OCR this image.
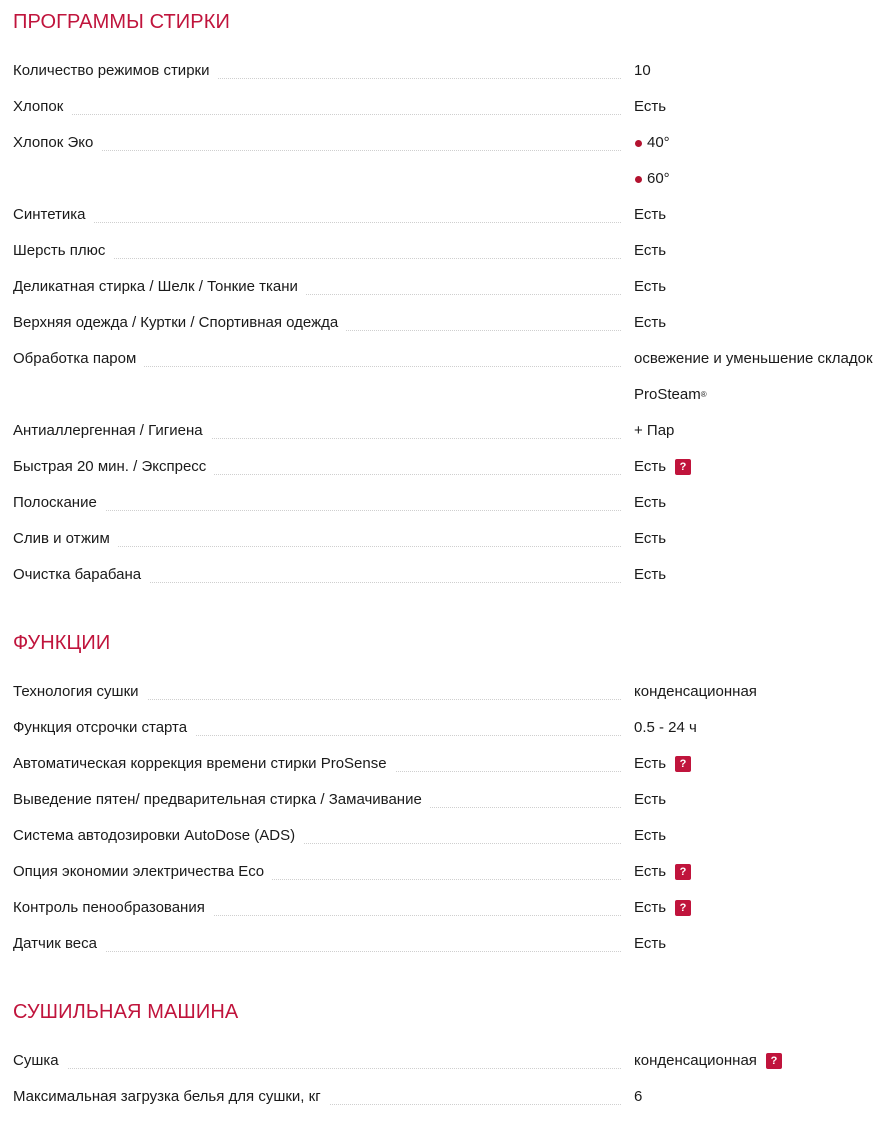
ПРОГРАММЫ СТИРКИ
Количество режимов стирки	10
Хлопок	Есть
Хлопок Эко	40°
60°
Синтетика	Есть
Шерсть плюс	Есть
Деликатная стирка / Шелк / Тонкие ткани	Есть
Верхняя одежда / Куртки / Спортивная одежда	Есть
Обработка паром	освежение и уменьшение складок
ProSteam ®
Антиаллергенная / Гигиена	+ Пар
Быстрая 20 мин. / Экспресс	Есть	?
Полоскание	Есть
Слив и отжим	Есть
Очистка барабана	Есть
ФУНКЦИИ
Технология сушки	конденсационная
Функция отсрочки старта	0.5 - 24 ч
Автоматическая коррекция времени стирки ProSense	Есть	?
Выведение пятен/ предварительная стирка / Замачивание	Есть
Система автодозировки AutoDose (ADS)	Есть
Опция экономии электричества Eco	Есть	?
Контроль пенообразования	Есть	?
Датчик веса	Есть
СУШИЛЬНАЯ МАШИНА
Сушка	конденсационная	?
Максимальная загрузка белья для сушки, кг	6
